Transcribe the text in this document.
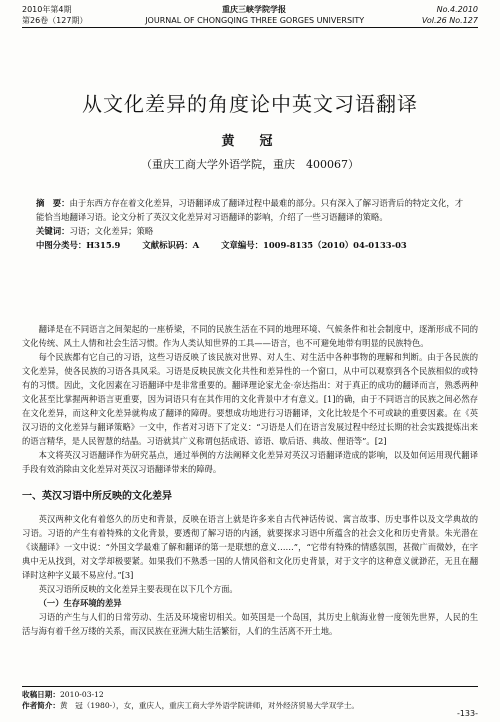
2010年第4期	重庆三峡学院学报	No.4.2010
第26卷（127期）	JOURNAL OF CHONGQING THREE GORGES UNIVERSITY	Vol.26 No.127
从文化差异的角度论中英文习语翻译
黄　冠
（重庆工商大学外语学院，重庆　400067）

摘　要：由于东西方存在着文化差异，习语翻译成了翻译过程中最难的部分。只有深入了解习语背后的特定文化，才能恰当地翻译习语。论文分析了英汉文化差异对习语翻译的影响，介绍了一些习语翻译的策略。

关键词：习语；文化差异；策略

中图分类号：H315.9	文献标识码：A	文章编号：1009-8135（2010）04-0133-03

翻译是在不同语言之间架起的一座桥梁，不同的民族生活在不同的地理环境、气候条件和社会制度中，逐渐形成不同的文化传统、风土人情和社会生活习惯。作为人类认知世界的工具——语言，也不可避免地带有明显的民族特色。

每个民族都有它自己的习语，这些习语反映了该民族对世界、对人生、对生活中各种事物的理解和判断。由于各民族的文化差异，使各民族的习语各具风采。习语是反映民族文化共性和差异性的一个窗口，从中可以观察到各个民族相似的或特有的习惯。因此，文化因素在习语翻译中是非常重要的。翻译理论家尤金·奈达指出：对于真正的成功的翻译而言，熟悉两种文化甚至比掌握两种语言更重要，因为词语只有在其作用的文化背景中才有意义。[1]的确，由于不同语言的民族之间必然存在文化差异，而这种文化差异就构成了翻译的障碍。要想成功地进行习语翻译，文化比较是个不可或缺的重要因素。在《英汉习语的文化差异与翻译策略》一文中，作者对习语下了定义：“习语是人们在语言发展过程中经过长期的社会实践提炼出来的语言精华，是人民智慧的结晶。习语就其广义称谓包括成语、谚语、歇后语、典故、俚语等”。[2]

本文将英汉习语翻译作为研究基点，通过举例的方法阐释文化差异对英汉习语翻译造成的影响，以及如何运用现代翻译手段有效消除由文化差异对英汉习语翻译带来的障碍。

一、英汉习语中所反映的文化差异

英汉两种文化有着悠久的历史和背景，反映在语言上就是许多来自古代神话传说、寓言故事、历史事件以及文学典故的习语。习语的产生有着特殊的文化背景，要透彻了解习语的内涵，就要探求习语中所蕴含的社会文化和历史背景。朱光潜在《谈翻译》一文中说：“外国文学最难了解和翻译的第一是联想的意义……”，“它带有特殊的情感氛围，甚微广而微妙，在字典中无从找到，对文学却极要紧。如果我们不熟悉一国的人情风俗和文化历史背景，对于文字的这种意义就渺茫，无且在翻译时这种字义最不易应付。”[3]

英汉习语所反映的文化差异主要表现在以下几个方面。

（一）生存环境的差异

习语的产生与人们的日常劳动、生活及环境密切相关。如英国是一个岛国，其历史上航海业曾一度领先世界，人民的生活与海有着千丝万缕的关系，而汉民族在亚洲大陆生活繁衍，人们的生活离不开土地。

收稿日期：2010-03-12
作者简介：黄　冠（1980-），女，重庆人，重庆工商大学外语学院讲师，对外经济贸易大学双学士。
-133-
